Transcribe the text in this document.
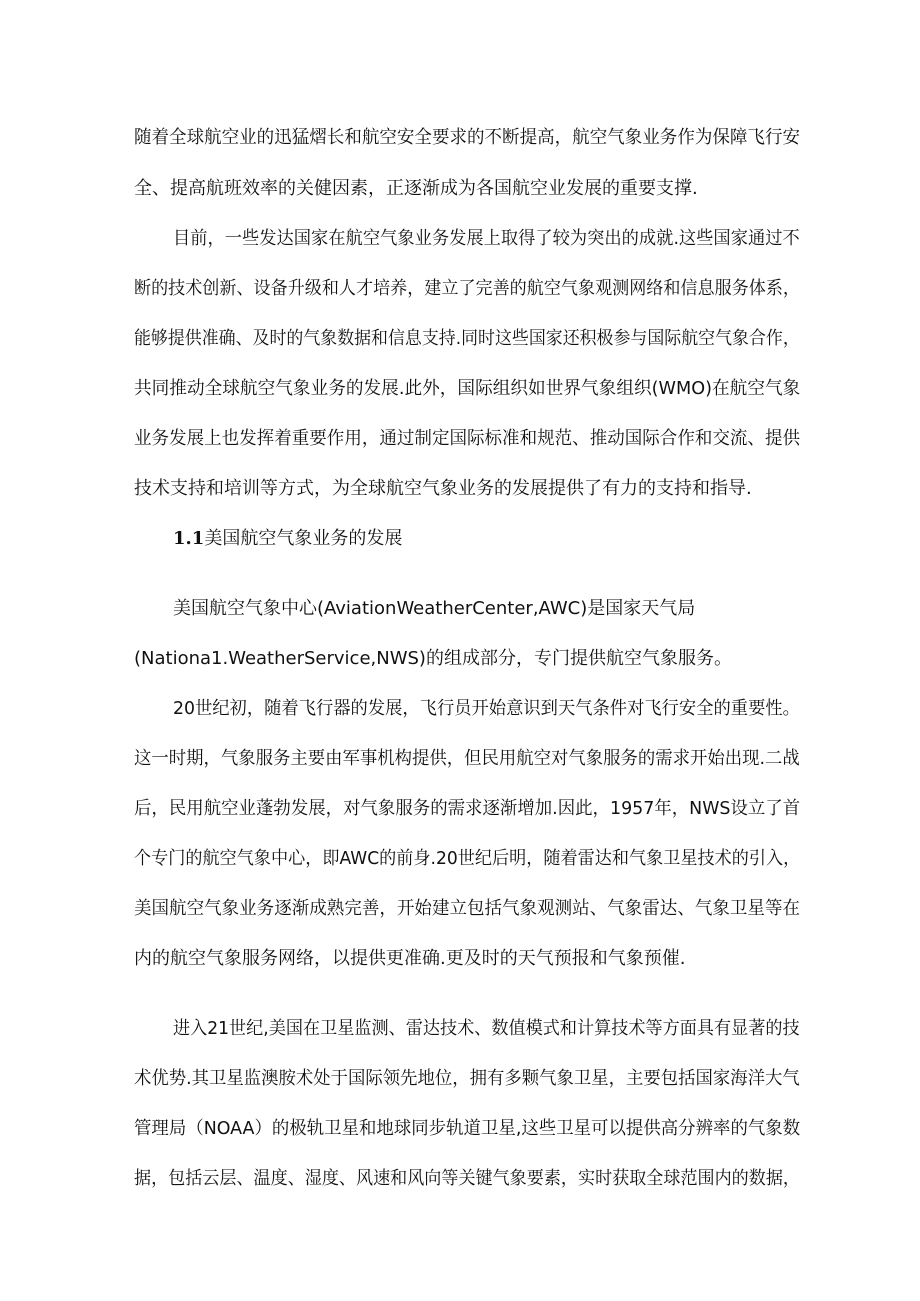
随着全球航空业的迅猛熠长和航空安全要求的不断提高，航空气象业务作为保障飞行安

全、提高航班效率的关健因素，正逐渐成为各国航空业发展的重要支撑.

目前，一些发达国家在航空气象业务发展上取得了较为突出的成就.这些国家通过不

断的技术创新、设备升级和人才培养，建立了完善的航空气象观测网络和信息服务体系，

能够提供准确、及时的气象数据和信息支持.同时这些国家还积极参与国际航空气象合作，

共同推动全球航空气象业务的发展.此外，国际组织如世界气象组织(WMO)在航空气象

业务发展上也发挥着重要作用，通过制定国际标准和规范、推动国际合作和交流、提供

技术支持和培训等方式，为全球航空气象业务的发展提供了有力的支持和指导.

1.1美国航空气象业务的发展

美国航空气象中心(AviationWeatherCenter,AWC)是国家天气局

(Nationa1.WeatherService,NWS)的组成部分，专门提供航空气象服务。

20世纪初，随着飞行器的发展，飞行员开始意识到天气条件对飞行安全的重要性。

这一时期，气象服务主要由军事机构提供，但民用航空对气象服务的需求开始出现.二战

后，民用航空业蓬勃发展，对气象服务的需求逐渐增加.因此，1957年，NWS设立了首

个专门的航空气象中心，即AWC的前身.20世纪后明，随着雷达和气象卫星技术的引入，

美国航空气象业务逐渐成熟完善，开始建立包括气象观测站、气象雷达、气象卫星等在

内的航空气象服务网络，以提供更准确.更及时的天气预报和气象预催.

进入21世纪,美国在卫星监测、雷达技术、数值模式和计算技术等方面具有显著的技

术优势.其卫星监澳胺术处于国际领先地位，拥有多颗气象卫星，主要包括国家海洋大气

管理局（NOAA）的极轨卫星和地球同步轨道卫星,这些卫星可以提供高分辨率的气象数

据，包括云层、温度、湿度、风速和风向等关键气象要素，实时获取全球范围内的数据，
